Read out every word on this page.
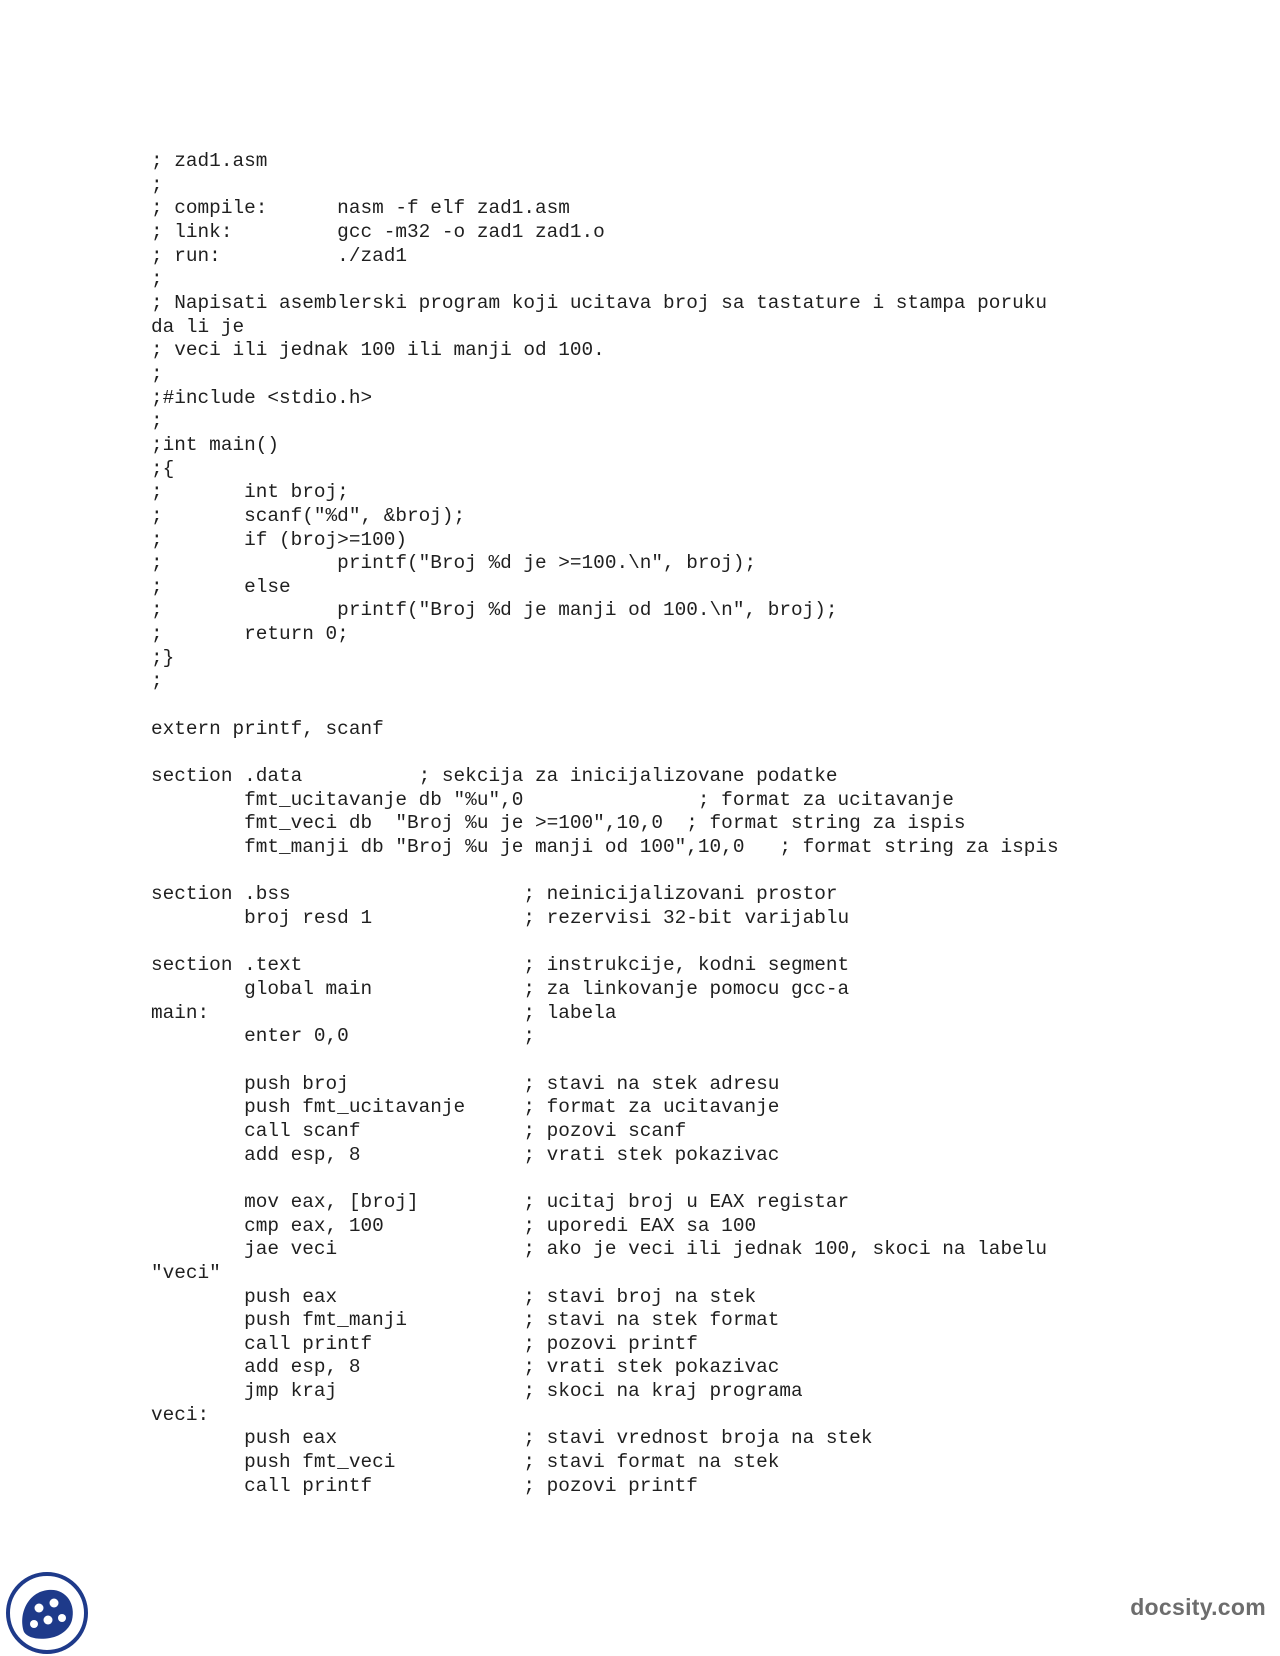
; zad1.asm
;
; compile:      nasm -f elf zad1.asm
; link:         gcc -m32 -o zad1 zad1.o
; run:          ./zad1
;
; Napisati asemblerski program koji ucitava broj sa tastature i stampa poruku
da li je
; veci ili jednak 100 ili manji od 100.
;
;#include <stdio.h>
;
;int main()
;{
;       int broj;
;       scanf("%d", &broj);
;       if (broj>=100)
;               printf("Broj %d je >=100.\n", broj);
;       else
;               printf("Broj %d je manji od 100.\n", broj);
;       return 0;
;}
;

extern printf, scanf

section .data          ; sekcija za inicijalizovane podatke
fmt_ucitavanje db "%u",0               ; format za ucitavanje
fmt_veci db  "Broj %u je >=100",10,0  ; format string za ispis
fmt_manji db "Broj %u je manji od 100",10,0   ; format string za ispis

section .bss                    ; neinicijalizovani prostor
broj resd 1             ; rezervisi 32-bit varijablu

section .text                   ; instrukcije, kodni segment
global main             ; za linkovanje pomocu gcc-a
main:                           ; labela
enter 0,0               ;

push broj               ; stavi na stek adresu
push fmt_ucitavanje     ; format za ucitavanje
call scanf              ; pozovi scanf
add esp, 8              ; vrati stek pokazivac

mov eax, [broj]         ; ucitaj broj u EAX registar
cmp eax, 100            ; uporedi EAX sa 100
jae veci                ; ako je veci ili jednak 100, skoci na labelu
"veci"
push eax                ; stavi broj na stek
push fmt_manji          ; stavi na stek format
call printf             ; pozovi printf
add esp, 8              ; vrati stek pokazivac
jmp kraj                ; skoci na kraj programa
veci:
push eax                ; stavi vrednost broja na stek
push fmt_veci           ; stavi format na stek
call printf             ; pozovi printf
docsity.com
